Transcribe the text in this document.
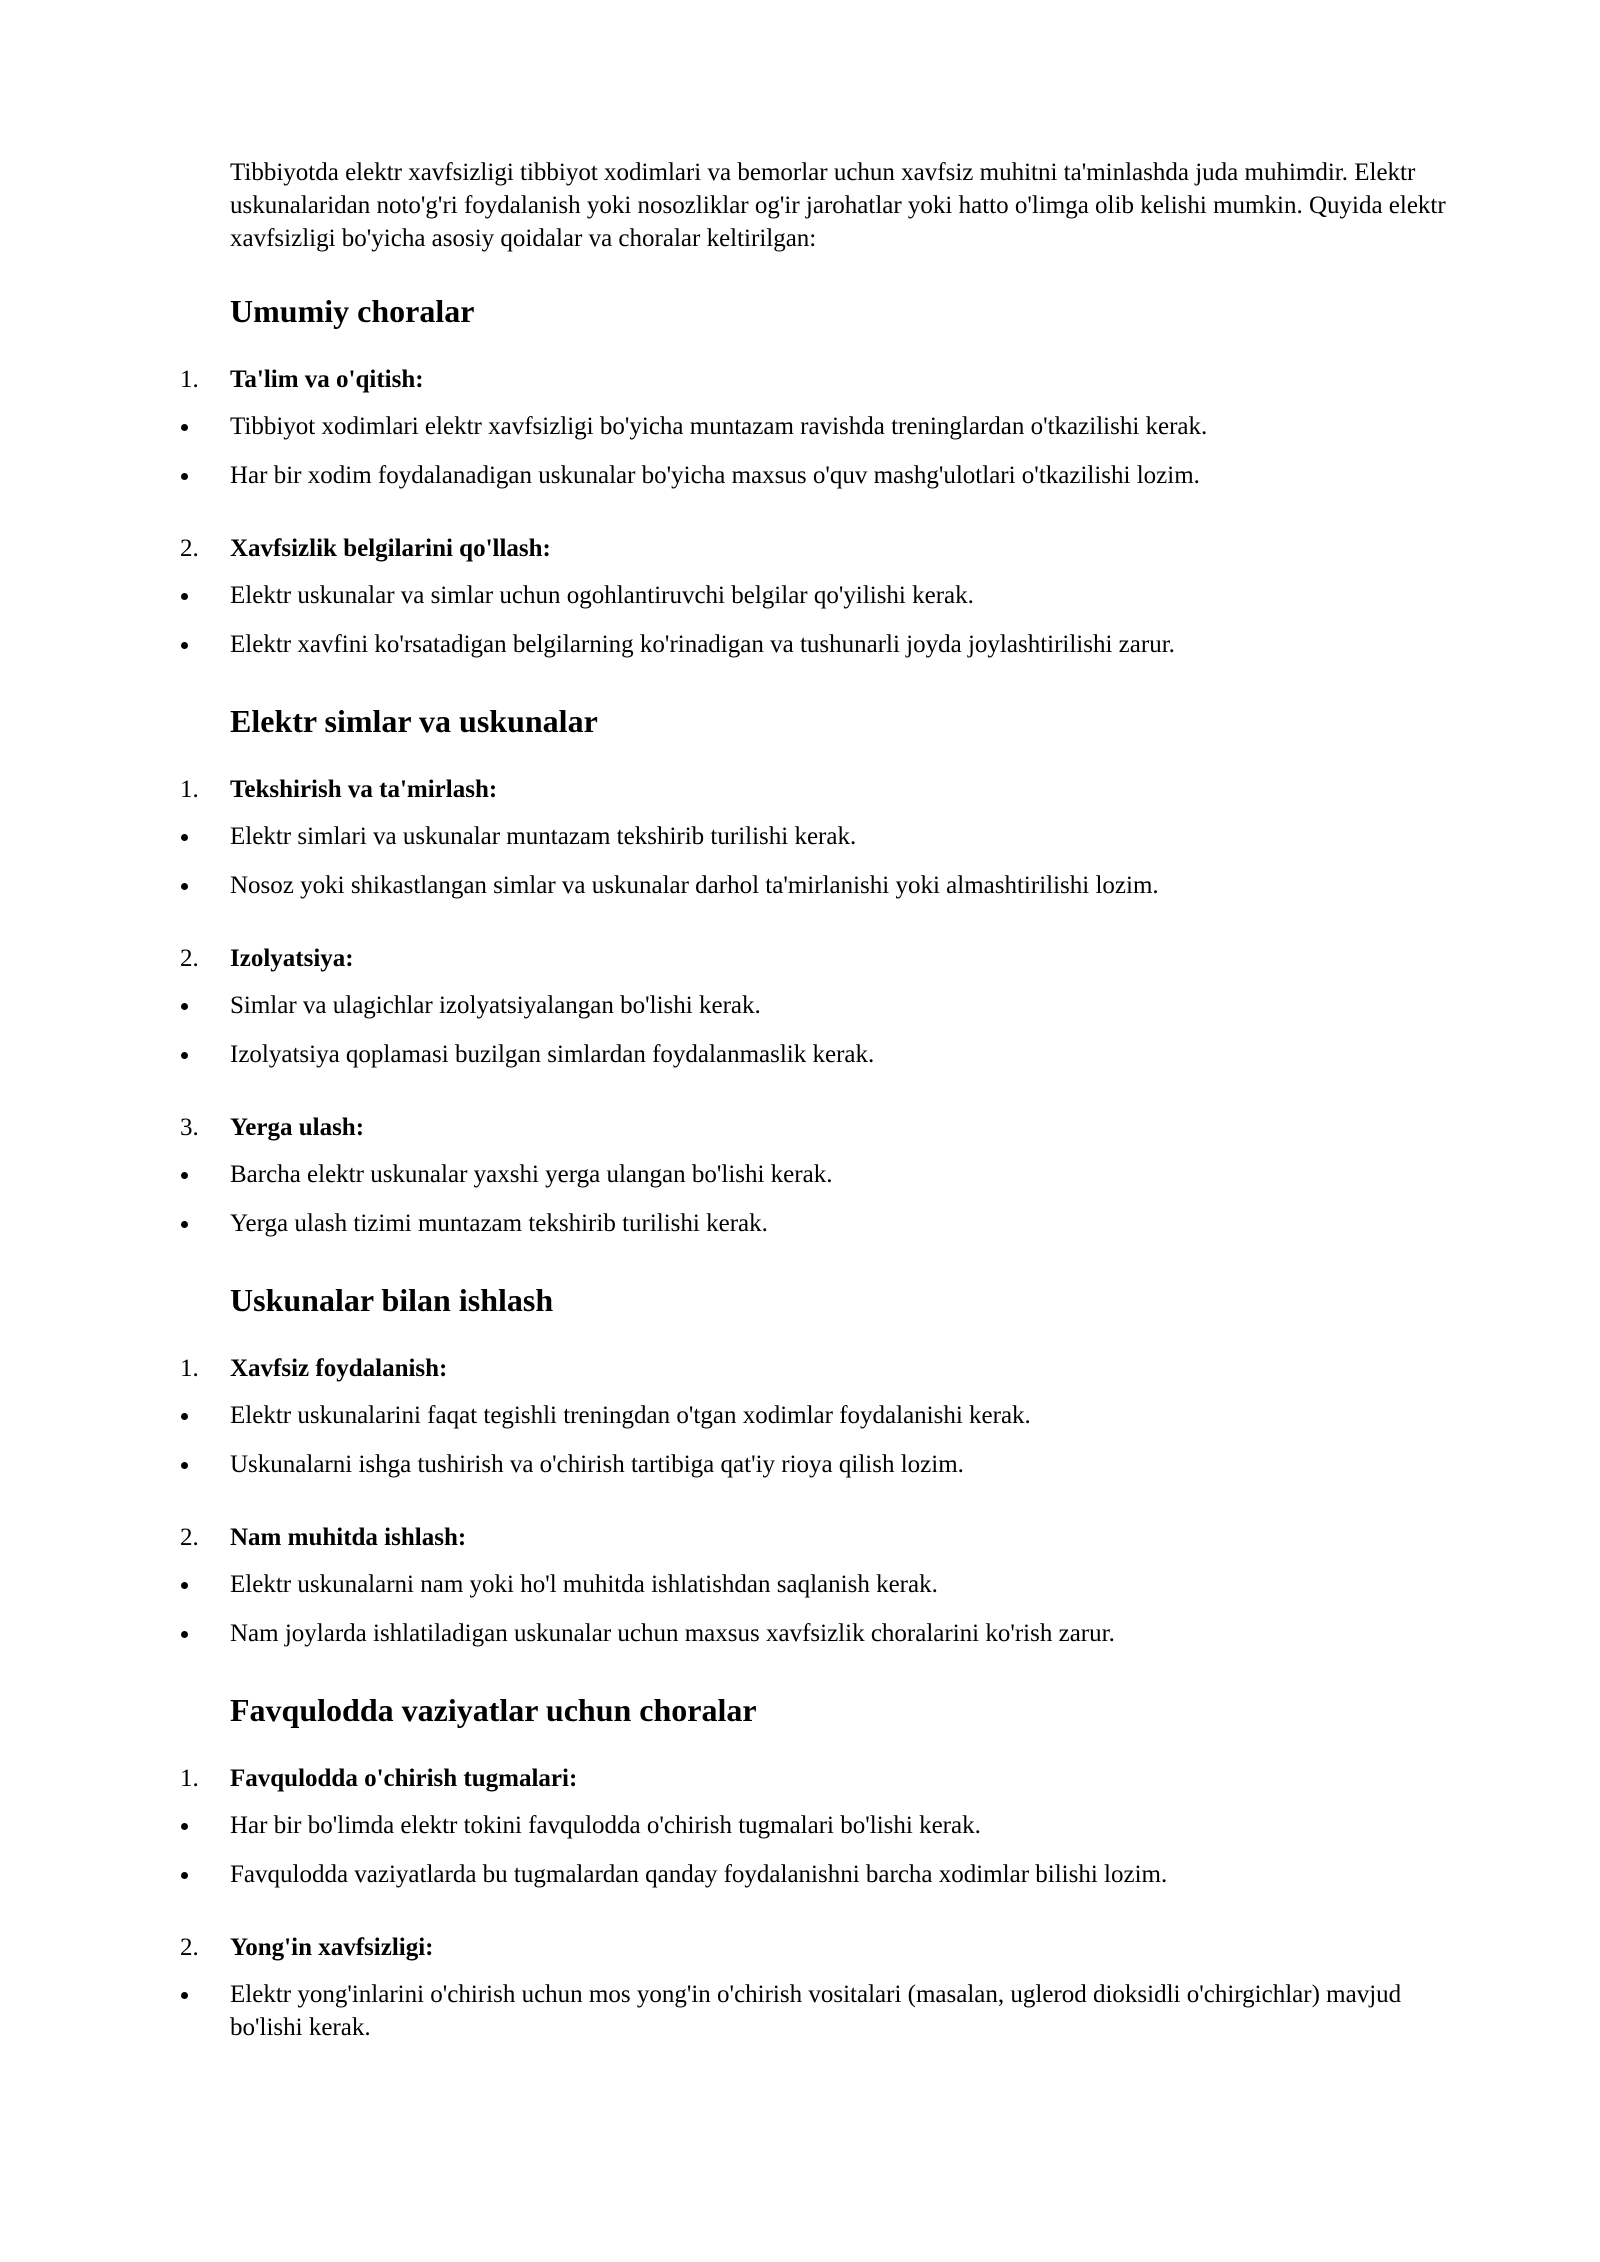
Tibbiyotda elektr xavfsizligi tibbiyot xodimlari va bemorlar uchun xavfsiz muhitni ta'minlashda juda muhimdir. Elektr uskunalaridan noto'g'ri foydalanish yoki nosozliklar og'ir jarohatlar yoki hatto o'limga olib kelishi mumkin. Quyida elektr xavfsizligi bo'yicha asosiy qoidalar va choralar keltirilgan:

Umumiy choralar
1. Ta'lim va o'qitish:
Tibbiyot xodimlari elektr xavfsizligi bo'yicha muntazam ravishda treninglardan o'tkazilishi kerak.
Har bir xodim foydalanadigan uskunalar bo'yicha maxsus o'quv mashg'ulotlari o'tkazilishi lozim.
2. Xavfsizlik belgilarini qo'llash:
Elektr uskunalar va simlar uchun ogohlantiruvchi belgilar qo'yilishi kerak.
Elektr xavfini ko'rsatadigan belgilarning ko'rinadigan va tushunarli joyda joylashtirilishi zarur.
Elektr simlar va uskunalar
1. Tekshirish va ta'mirlash:
Elektr simlari va uskunalar muntazam tekshirib turilishi kerak.
Nosoz yoki shikastlangan simlar va uskunalar darhol ta'mirlanishi yoki almashtirilishi lozim.
2. Izolyatsiya:
Simlar va ulagichlar izolyatsiyalangan bo'lishi kerak.
Izolyatsiya qoplamasi buzilgan simlardan foydalanmaslik kerak.
3. Yerga ulash:
Barcha elektr uskunalar yaxshi yerga ulangan bo'lishi kerak.
Yerga ulash tizimi muntazam tekshirib turilishi kerak.
Uskunalar bilan ishlash
1. Xavfsiz foydalanish:
Elektr uskunalarini faqat tegishli treningdan o'tgan xodimlar foydalanishi kerak.
Uskunalarni ishga tushirish va o'chirish tartibiga qat'iy rioya qilish lozim.
2. Nam muhitda ishlash:
Elektr uskunalarni nam yoki ho'l muhitda ishlatishdan saqlanish kerak.
Nam joylarda ishlatiladigan uskunalar uchun maxsus xavfsizlik choralarini ko'rish zarur.
Favqulodda vaziyatlar uchun choralar
1. Favqulodda o'chirish tugmalari:
Har bir bo'limda elektr tokini favqulodda o'chirish tugmalari bo'lishi kerak.
Favqulodda vaziyatlarda bu tugmalardan qanday foydalanishni barcha xodimlar bilishi lozim.
2. Yong'in xavfsizligi:
Elektr yong'inlarini o'chirish uchun mos yong'in o'chirish vositalari (masalan, uglerod dioksidli o'chirgichlar) mavjud bo'lishi kerak.
